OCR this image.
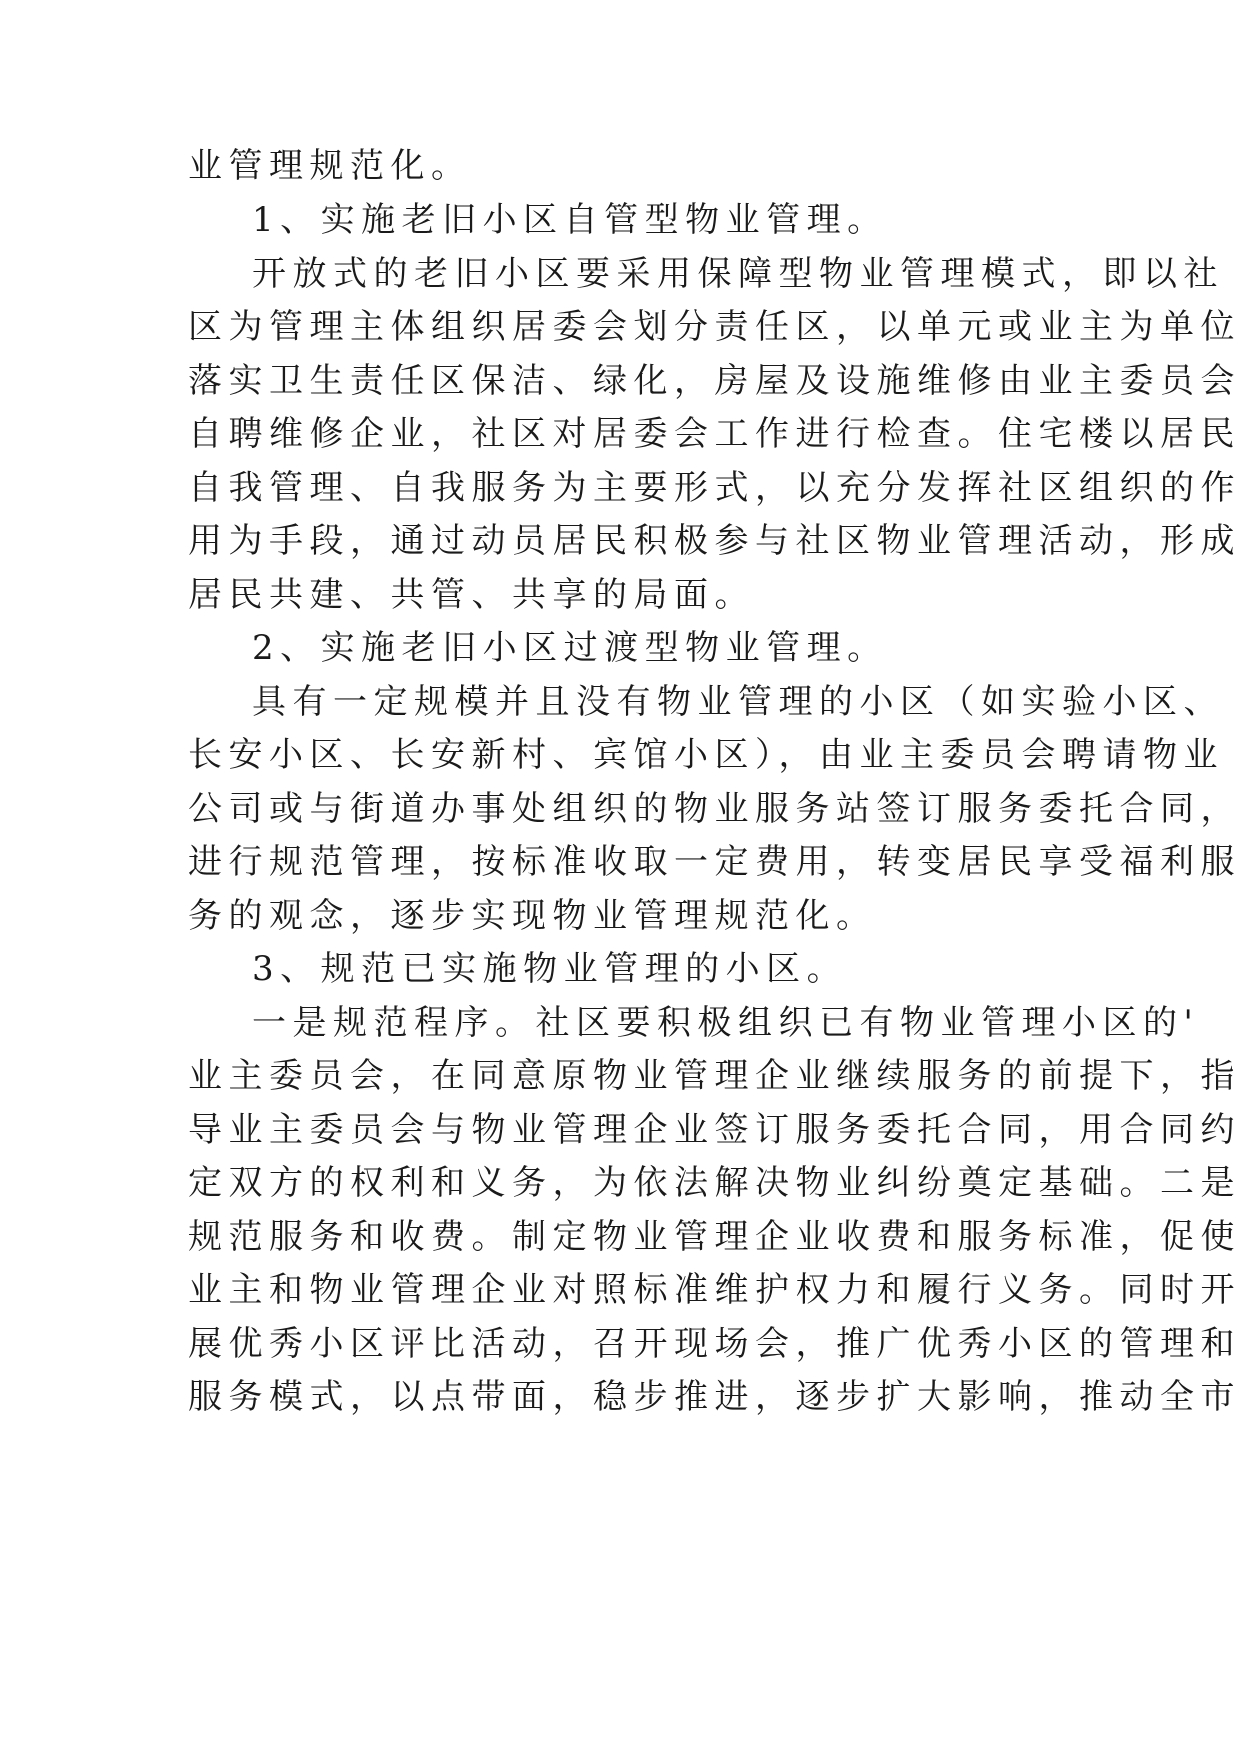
业管理规范化。
1、实施老旧小区自管型物业管理。
开放式的老旧小区要采用保障型物业管理模式，即以社
区为管理主体组织居委会划分责任区，以单元或业主为单位
落实卫生责任区保洁、绿化，房屋及设施维修由业主委员会
自聘维修企业，社区对居委会工作进行检查。住宅楼以居民
自我管理、自我服务为主要形式，以充分发挥社区组织的作
用为手段，通过动员居民积极参与社区物业管理活动，形成
居民共建、共管、共享的局面。
2、实施老旧小区过渡型物业管理。
具有一定规模并且没有物业管理的小区（如实验小区、
长安小区、长安新村、宾馆小区），由业主委员会聘请物业
公司或与街道办事处组织的物业服务站签订服务委托合同，
进行规范管理，按标准收取一定费用，转变居民享受福利服
务的观念，逐步实现物业管理规范化。
3、规范已实施物业管理的小区。
一是规范程序。社区要积极组织已有物业管理小区的'
业主委员会，在同意原物业管理企业继续服务的前提下，指
导业主委员会与物业管理企业签订服务委托合同，用合同约
定双方的权利和义务，为依法解决物业纠纷奠定基础。二是
规范服务和收费。制定物业管理企业收费和服务标准，促使
业主和物业管理企业对照标准维护权力和履行义务。同时开
展优秀小区评比活动，召开现场会，推广优秀小区的管理和
服务模式，以点带面，稳步推进，逐步扩大影响，推动全市
